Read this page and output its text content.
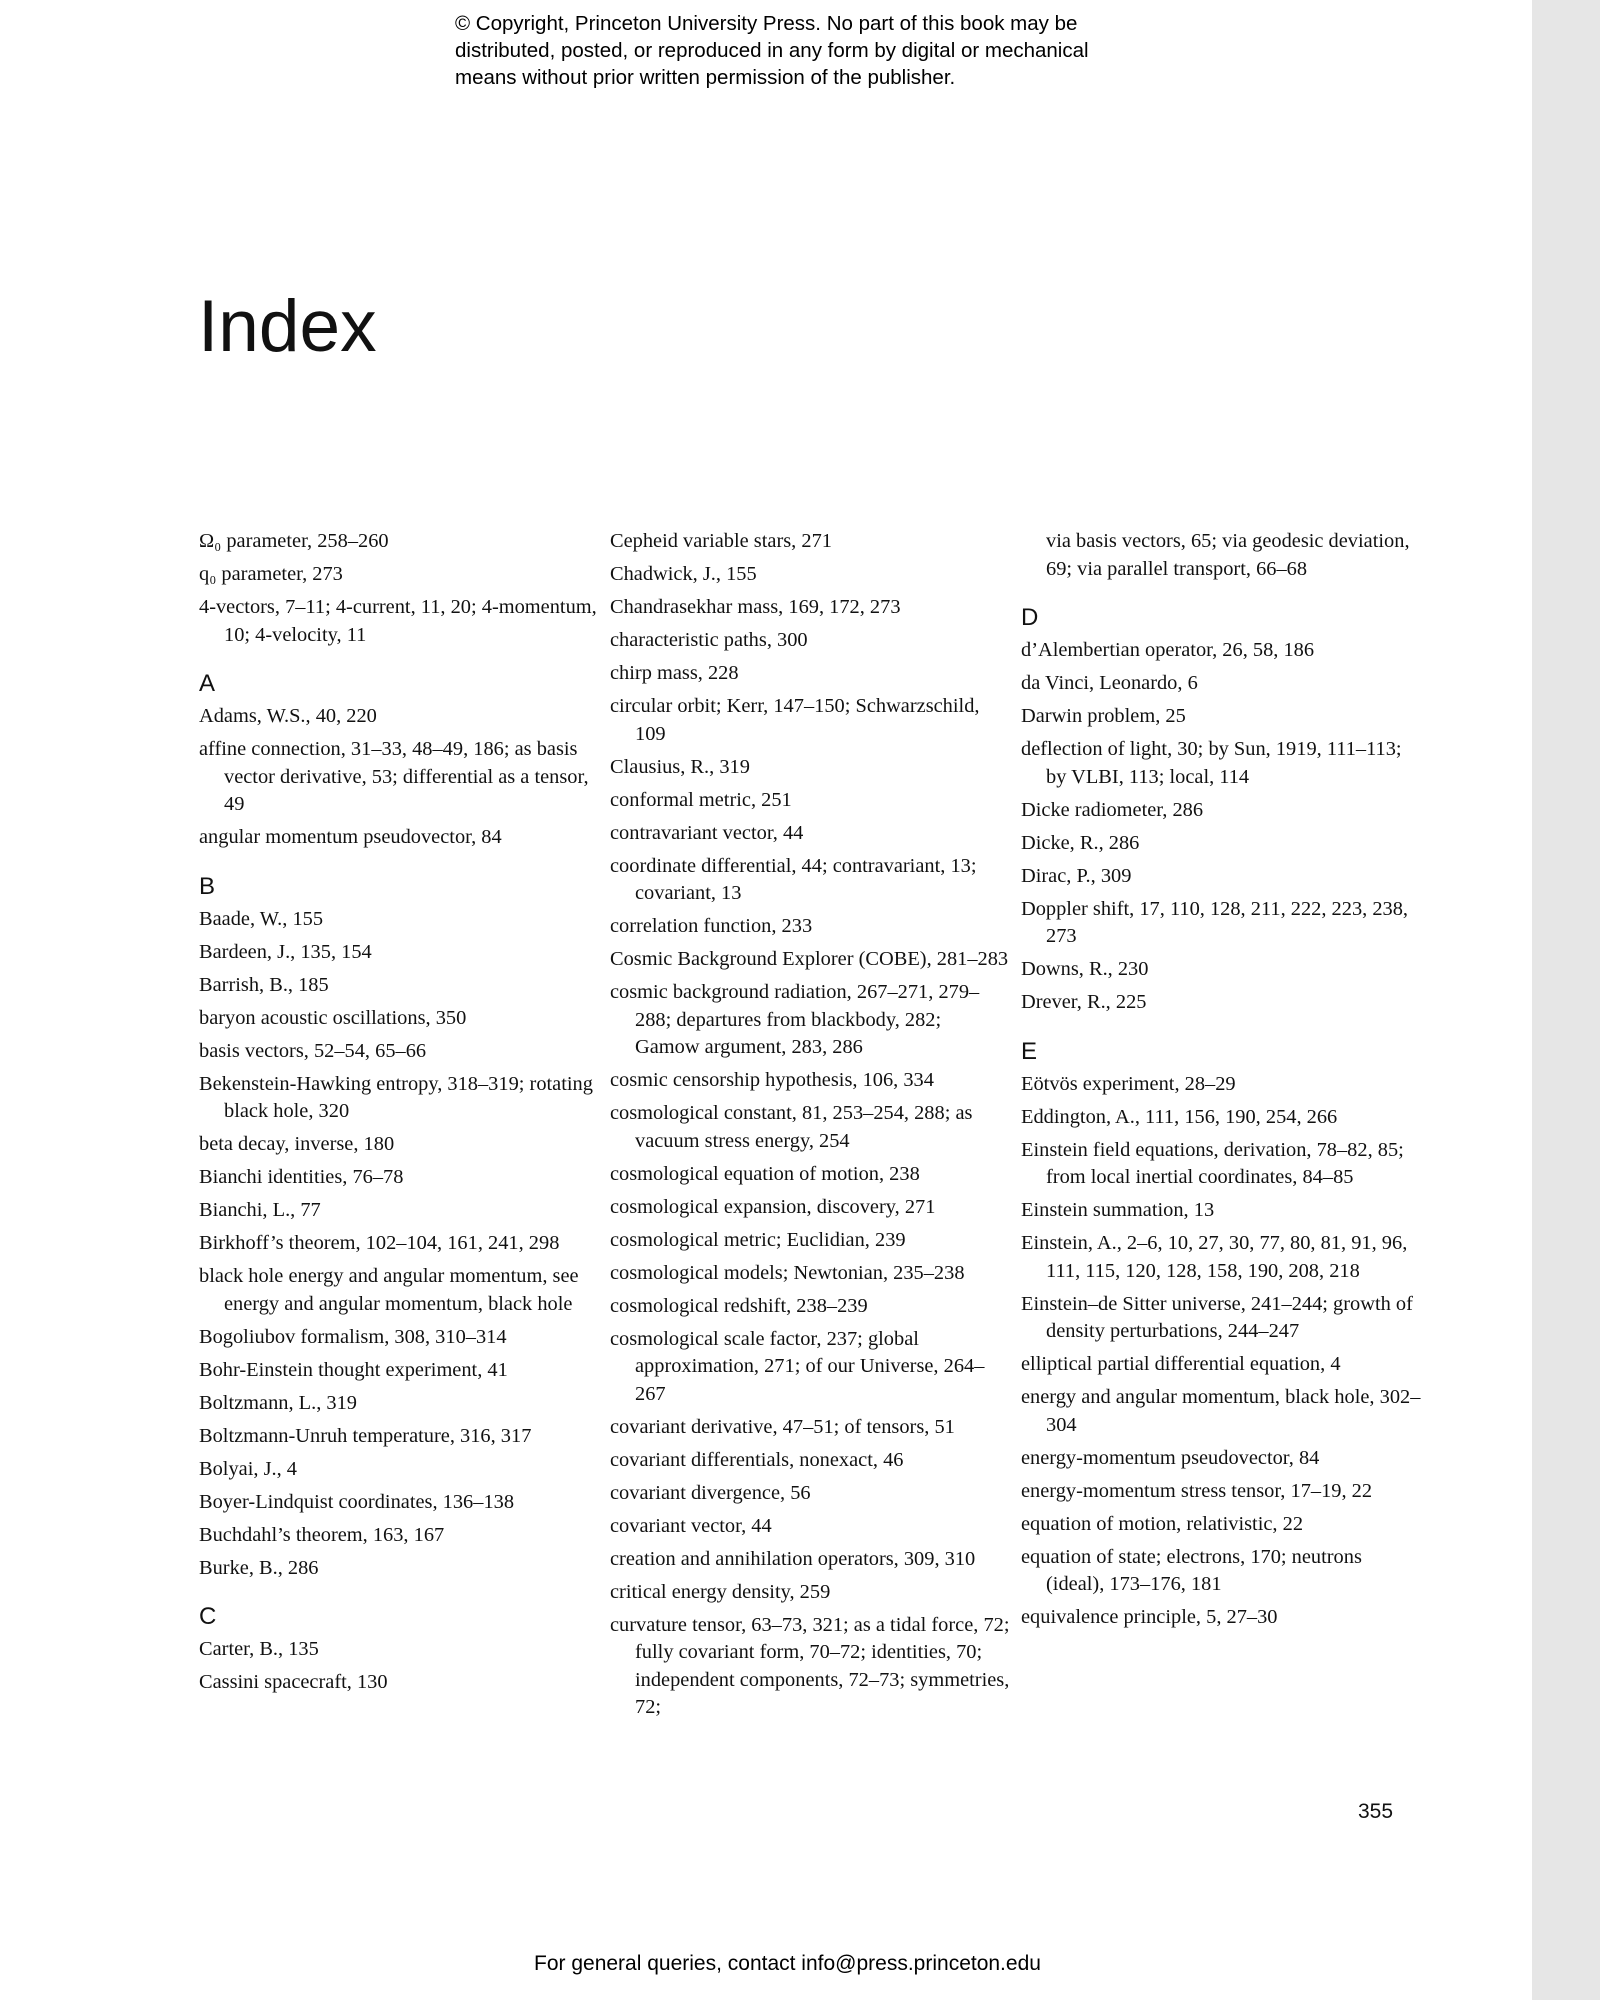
© Copyright, Princeton University Press. No part of this book may be
distributed, posted, or reproduced in any form by digital or mechanical
means without prior written permission of the publisher.
Index
Ω₀ parameter, 258–260
q₀ parameter, 273
4-vectors, 7–11; 4-current, 11, 20; 4-momentum, 10; 4-velocity, 11
A
Adams, W.S., 40, 220
affine connection, 31–33, 48–49, 186; as basis vector derivative, 53; differential as a tensor, 49
angular momentum pseudovector, 84
B
Baade, W., 155
Bardeen, J., 135, 154
Barrish, B., 185
baryon acoustic oscillations, 350
basis vectors, 52–54, 65–66
Bekenstein-Hawking entropy, 318–319; rotating black hole, 320
beta decay, inverse, 180
Bianchi identities, 76–78
Bianchi, L., 77
Birkhoff’s theorem, 102–104, 161, 241, 298
black hole energy and angular momentum, see energy and angular momentum, black hole
Bogoliubov formalism, 308, 310–314
Bohr-Einstein thought experiment, 41
Boltzmann, L., 319
Boltzmann-Unruh temperature, 316, 317
Bolyai, J., 4
Boyer-Lindquist coordinates, 136–138
Buchdahl’s theorem, 163, 167
Burke, B., 286
C
Carter, B., 135
Cassini spacecraft, 130
Cepheid variable stars, 271
Chadwick, J., 155
Chandrasekhar mass, 169, 172, 273
characteristic paths, 300
chirp mass, 228
circular orbit; Kerr, 147–150; Schwarzschild, 109
Clausius, R., 319
conformal metric, 251
contravariant vector, 44
coordinate differential, 44; contravariant, 13; covariant, 13
correlation function, 233
Cosmic Background Explorer (COBE), 281–283
cosmic background radiation, 267–271, 279–288; departures from blackbody, 282; Gamow argument, 283, 286
cosmic censorship hypothesis, 106, 334
cosmological constant, 81, 253–254, 288; as vacuum stress energy, 254
cosmological equation of motion, 238
cosmological expansion, discovery, 271
cosmological metric; Euclidian, 239
cosmological models; Newtonian, 235–238
cosmological redshift, 238–239
cosmological scale factor, 237; global approximation, 271; of our Universe, 264–267
covariant derivative, 47–51; of tensors, 51
covariant differentials, nonexact, 46
covariant divergence, 56
covariant vector, 44
creation and annihilation operators, 309, 310
critical energy density, 259
curvature tensor, 63–73, 321; as a tidal force, 72; fully covariant form, 70–72; identities, 70; independent components, 72–73; symmetries, 72;
via basis vectors, 65; via geodesic deviation, 69; via parallel transport, 66–68
D
d’Alembertian operator, 26, 58, 186
da Vinci, Leonardo, 6
Darwin problem, 25
deflection of light, 30; by Sun, 1919, 111–113; by VLBI, 113; local, 114
Dicke radiometer, 286
Dicke, R., 286
Dirac, P., 309
Doppler shift, 17, 110, 128, 211, 222, 223, 238, 273
Downs, R., 230
Drever, R., 225
E
Eötvös experiment, 28–29
Eddington, A., 111, 156, 190, 254, 266
Einstein field equations, derivation, 78–82, 85; from local inertial coordinates, 84–85
Einstein summation, 13
Einstein, A., 2–6, 10, 27, 30, 77, 80, 81, 91, 96, 111, 115, 120, 128, 158, 190, 208, 218
Einstein–de Sitter universe, 241–244; growth of density perturbations, 244–247
elliptical partial differential equation, 4
energy and angular momentum, black hole, 302–304
energy-momentum pseudovector, 84
energy-momentum stress tensor, 17–19, 22
equation of motion, relativistic, 22
equation of state; electrons, 170; neutrons (ideal), 173–176, 181
equivalence principle, 5, 27–30
355
For general queries, contact info@press.princeton.edu
